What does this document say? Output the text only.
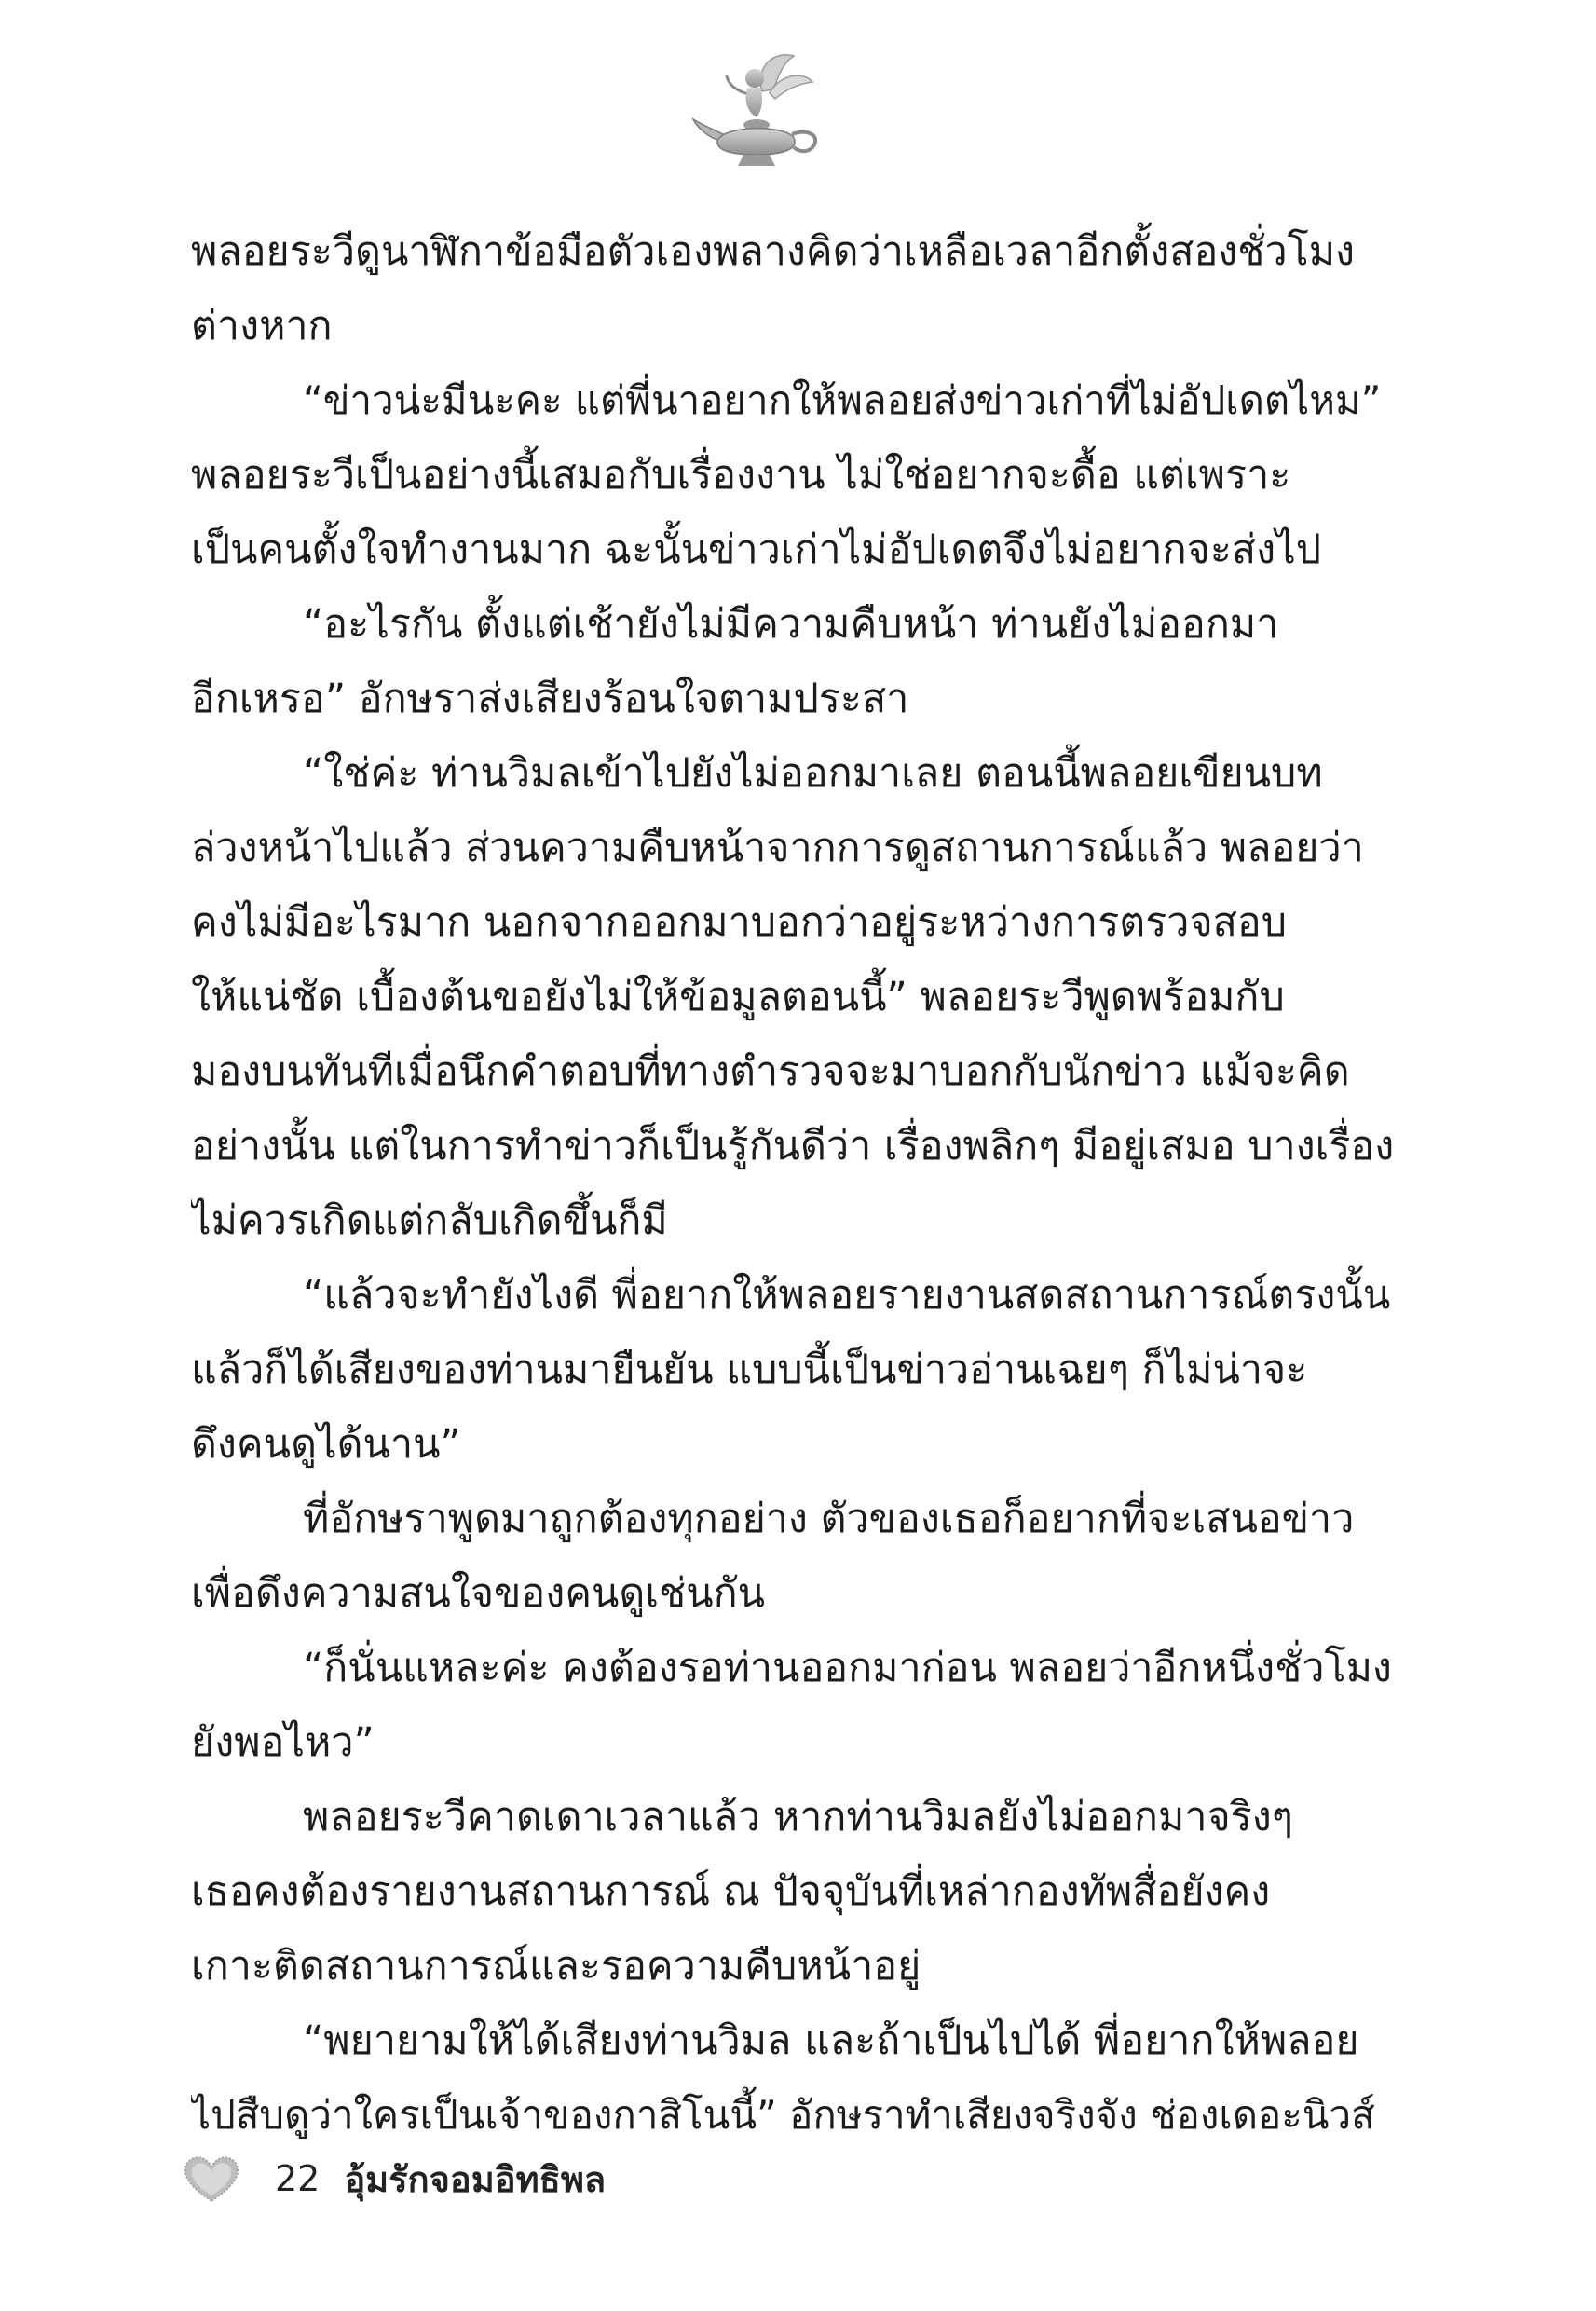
พลอยระวีดูนาฬิกาข้อมือตัวเองพลางคิดว่าเหลือเวลาอีกตั้งสองชั่วโมง
ต่างหาก
“ข่าวน่ะมีนะคะ แต่พี่นาอยากให้พลอยส่งข่าวเก่าที่ไม่อัปเดตไหม”
พลอยระวีเป็นอย่างนี้เสมอกับเรื่องงาน ไม่ใช่อยากจะดื้อ แต่เพราะ
เป็นคนตั้งใจทำงานมาก ฉะนั้นข่าวเก่าไม่อัปเดตจึงไม่อยากจะส่งไป
“อะไรกัน ตั้งแต่เช้ายังไม่มีความคืบหน้า ท่านยังไม่ออกมา
อีกเหรอ” อักษราส่งเสียงร้อนใจตามประสา
“ใช่ค่ะ ท่านวิมลเข้าไปยังไม่ออกมาเลย ตอนนี้พลอยเขียนบท
ล่วงหน้าไปแล้ว ส่วนความคืบหน้าจากการดูสถานการณ์แล้ว พลอยว่า
คงไม่มีอะไรมาก นอกจากออกมาบอกว่าอยู่ระหว่างการตรวจสอบ
ให้แน่ชัด เบื้องต้นขอยังไม่ให้ข้อมูลตอนนี้” พลอยระวีพูดพร้อมกับ
มองบนทันทีเมื่อนึกคำตอบที่ทางตำรวจจะมาบอกกับนักข่าว แม้จะคิด
อย่างนั้น แต่ในการทำข่าวก็เป็นรู้กันดีว่า เรื่องพลิกๆ มีอยู่เสมอ บางเรื่อง
ไม่ควรเกิดแต่กลับเกิดขึ้นก็มี
“แล้วจะทำยังไงดี พี่อยากให้พลอยรายงานสดสถานการณ์ตรงนั้น
แล้วก็ได้เสียงของท่านมายืนยัน แบบนี้เป็นข่าวอ่านเฉยๆ ก็ไม่น่าจะ
ดึงคนดูได้นาน”
ที่อักษราพูดมาถูกต้องทุกอย่าง ตัวของเธอก็อยากที่จะเสนอข่าว
เพื่อดึงความสนใจของคนดูเช่นกัน
“ก็นั่นแหละค่ะ คงต้องรอท่านออกมาก่อน พลอยว่าอีกหนึ่งชั่วโมง
ยังพอไหว”
พลอยระวีคาดเดาเวลาแล้ว หากท่านวิมลยังไม่ออกมาจริงๆ
เธอคงต้องรายงานสถานการณ์ ณ ปัจจุบันที่เหล่ากองทัพสื่อยังคง
เกาะติดสถานการณ์และรอความคืบหน้าอยู่
“พยายามให้ได้เสียงท่านวิมล และถ้าเป็นไปได้ พี่อยากให้พลอย
ไปสืบดูว่าใครเป็นเจ้าของกาสิโนนี้” อักษราทำเสียงจริงจัง ช่องเดอะนิวส์
22 อุ้มรักจอมอิทธิพล
